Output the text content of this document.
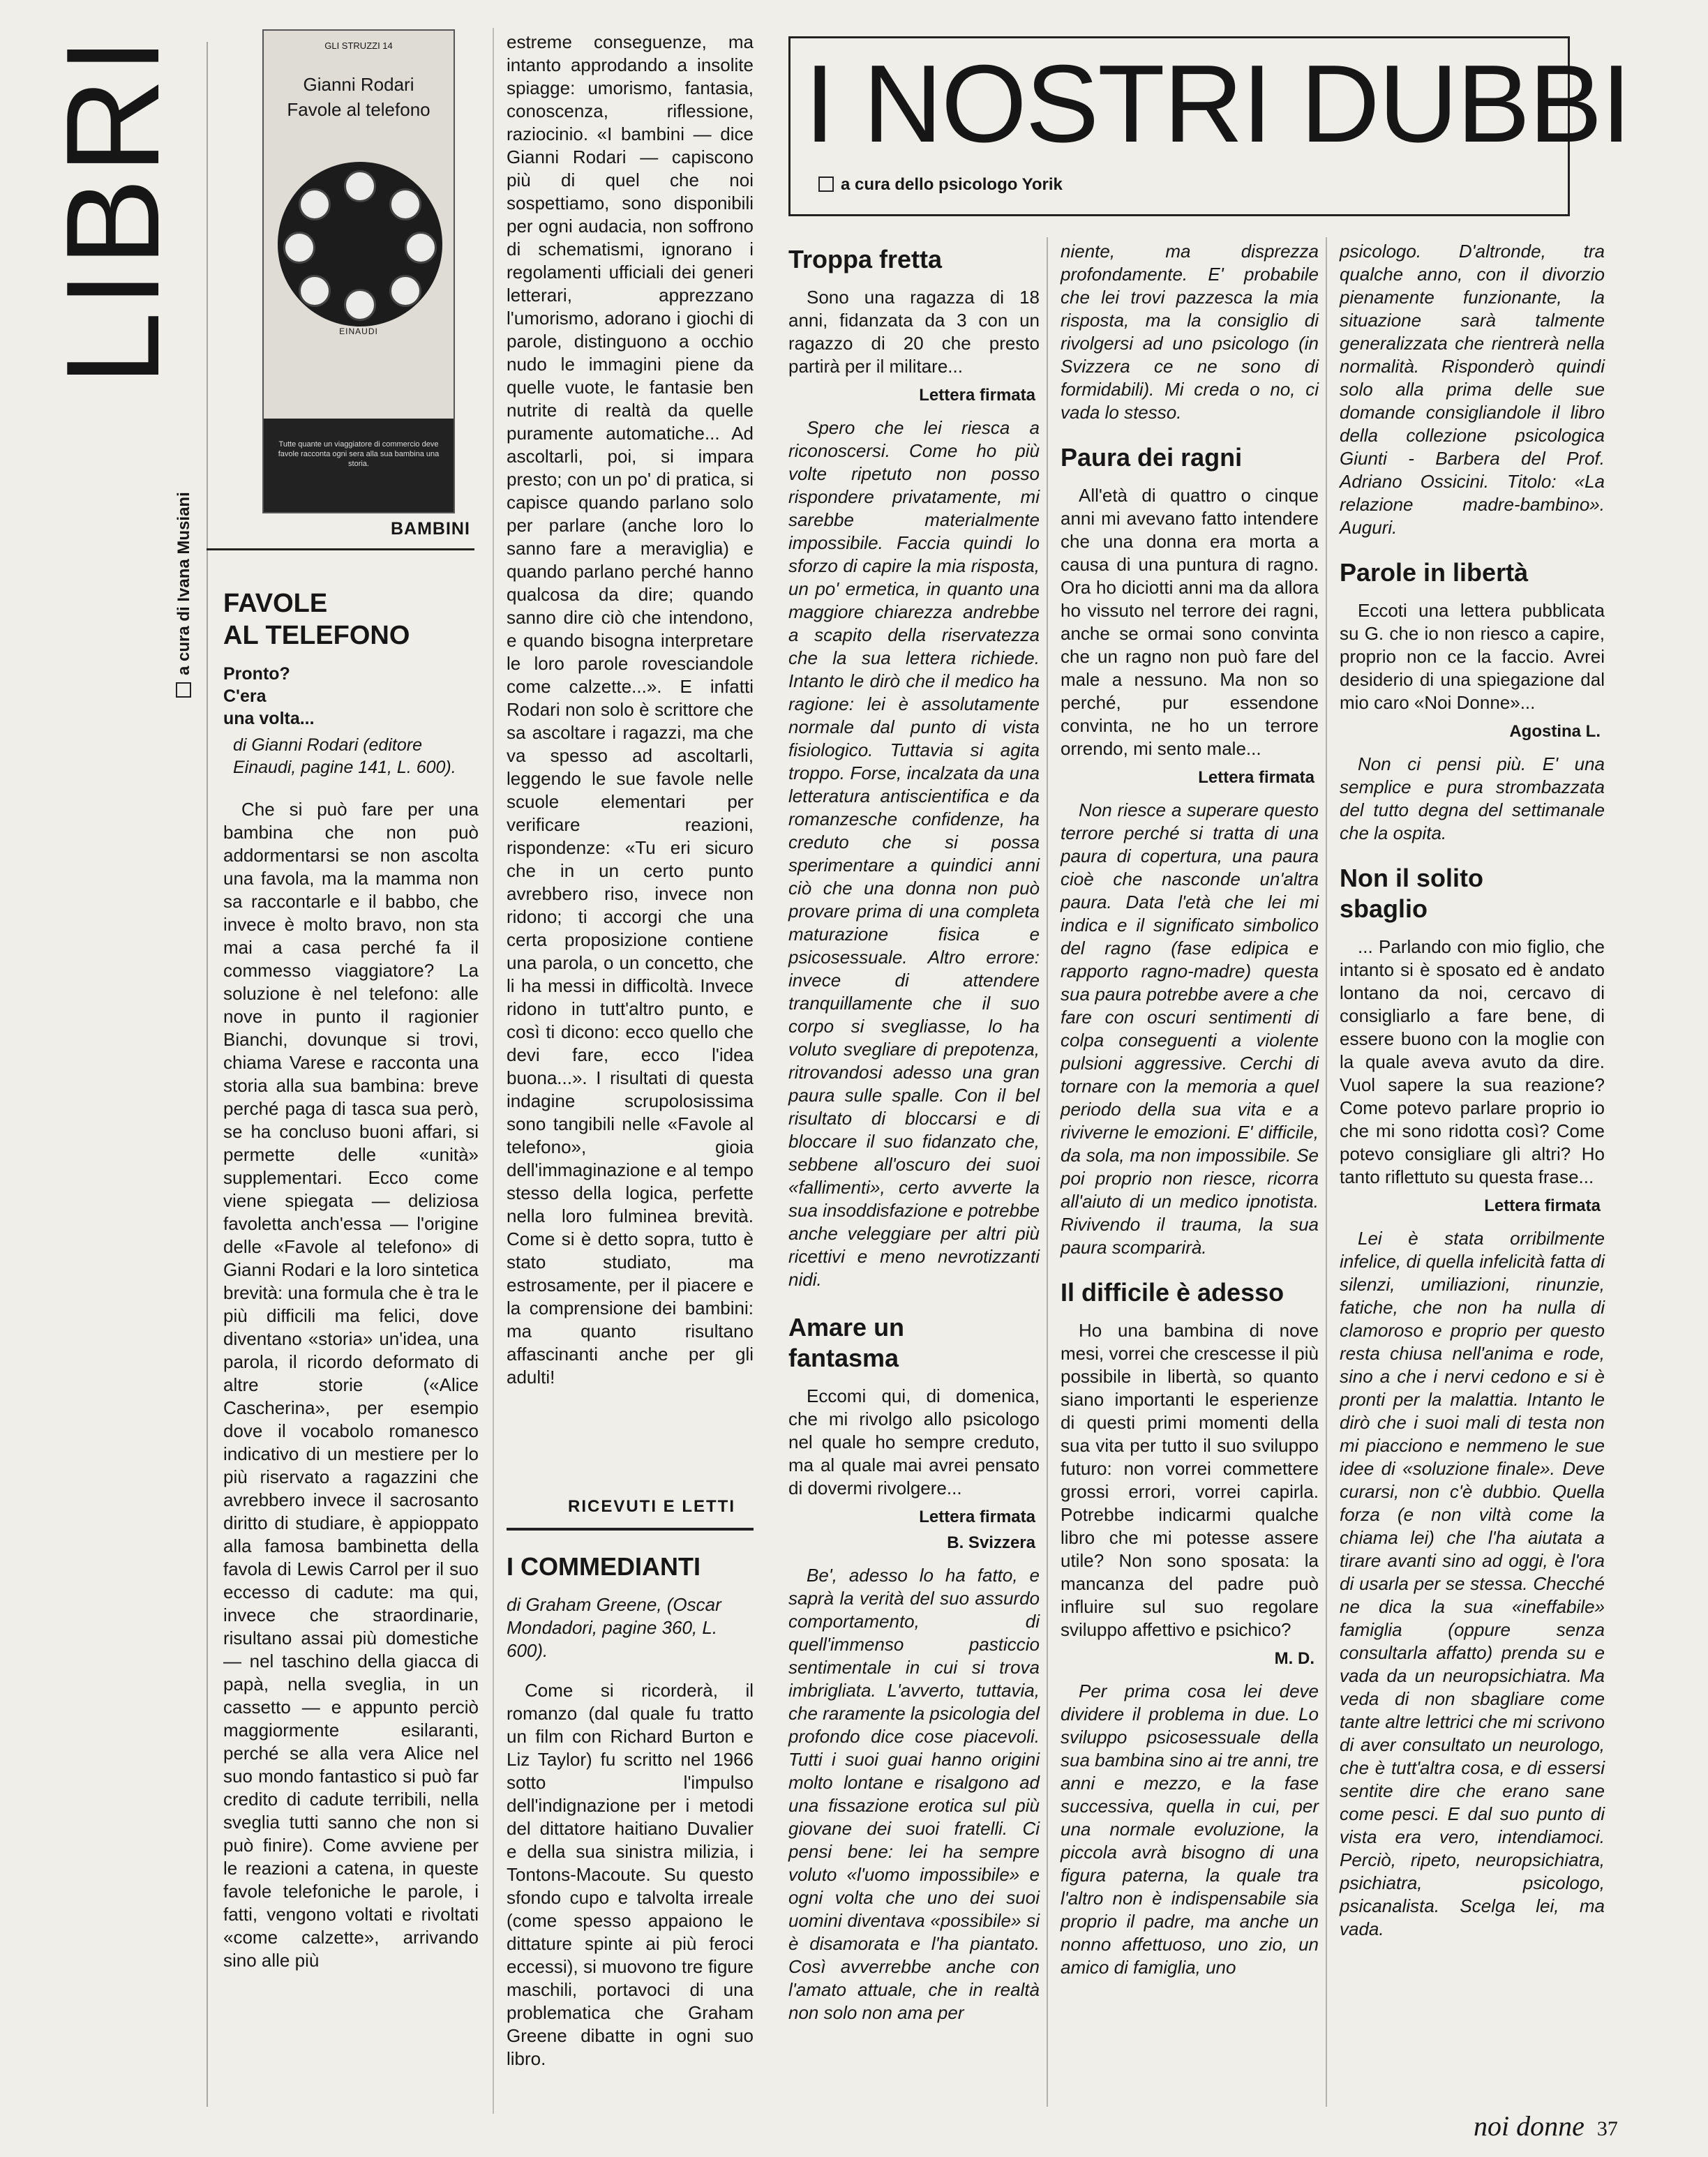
LIBRI
a cura di Ivana Musiani
GLI STRUZZI 14
Gianni Rodari
Favole al telefono
EINAUDI
Tutte quante un viaggiatore di commercio deve favole racconta ogni sera alla sua bambina una storia.
BAMBINI
FAVOLE
AL TELEFONO
Pronto?
C'era
una volta...
di Gianni Rodari (editore Einaudi, pagine 141, L. 600).

Che si può fare per una bambina che non può addormentarsi se non ascolta una favola, ma la mamma non sa raccontarle e il babbo, che invece è molto bravo, non sta mai a casa perché fa il commesso viaggiatore? La soluzione è nel telefono: alle nove in punto il ragionier Bianchi, dovunque si trovi, chiama Varese e racconta una storia alla sua bambina: breve perché paga di tasca sua però, se ha concluso buoni affari, si permette delle «unità» supplementari. Ecco come viene spiegata — deliziosa favoletta anch'essa — l'origine delle «Favole al telefono» di Gianni Rodari e la loro sintetica brevità: una formula che è tra le più difficili ma felici, dove diventano «storia» un'idea, una parola, il ricordo deformato di altre storie («Alice Cascherina», per esempio dove il vocabolo romanesco indicativo di un mestiere per lo più riservato a ragazzini che avrebbero invece il sacrosanto diritto di studiare, è appioppato alla famosa bambinetta della favola di Lewis Carrol per il suo eccesso di cadute: ma qui, invece che straordinarie, risultano assai più domestiche — nel taschino della giacca di papà, nella sveglia, in un cassetto — e appunto perciò maggiormente esilaranti, perché se alla vera Alice nel suo mondo fantastico si può far credito di cadute terribili, nella sveglia tutti sanno che non si può finire). Come avviene per le reazioni a catena, in queste favole telefoniche le parole, i fatti, vengono voltati e rivoltati «come calzette», arrivando sino alle più

estreme conseguenze, ma intanto approdando a insolite spiagge: umorismo, fantasia, conoscenza, riflessione, raziocinio. «I bambini — dice Gianni Rodari — capiscono più di quel che noi sospettiamo, sono disponibili per ogni audacia, non soffrono di schematismi, ignorano i regolamenti ufficiali dei generi letterari, apprezzano l'umorismo, adorano i giochi di parole, distinguono a occhio nudo le immagini piene da quelle vuote, le fantasie ben nutrite di realtà da quelle puramente automatiche... Ad ascoltarli, poi, si impara presto; con un po' di pratica, si capisce quando parlano solo per parlare (anche loro lo sanno fare a meraviglia) e quando parlano perché hanno qualcosa da dire; quando sanno dire ciò che intendono, e quando bisogna interpretare le loro parole rovesciandole come calzette...». E infatti Rodari non solo è scrittore che sa ascoltare i ragazzi, ma che va spesso ad ascoltarli, leggendo le sue favole nelle scuole elementari per verificare reazioni, rispondenze: «Tu eri sicuro che in un certo punto avrebbero riso, invece non ridono; ti accorgi che una certa proposizione contiene una parola, o un concetto, che li ha messi in difficoltà. Invece ridono in tutt'altro punto, e così ti dicono: ecco quello che devi fare, ecco l'idea buona...». I risultati di questa indagine scrupolosissima sono tangibili nelle «Favole al telefono», gioia dell'immaginazione e al tempo stesso della logica, perfette nella loro fulminea brevità. Come si è detto sopra, tutto è stato studiato, ma estrosamente, per il piacere e la comprensione dei bambini: ma quanto risultano affascinanti anche per gli adulti!

RICEVUTI E LETTI
I COMMEDIANTI
di Graham Greene, (Oscar Mondadori, pagine 360, L. 600).

Come si ricorderà, il romanzo (dal quale fu tratto un film con Richard Burton e Liz Taylor) fu scritto nel 1966 sotto l'impulso dell'indignazione per i metodi del dittatore haitiano Duvalier e della sua sinistra milizia, i Tontons-Macoute. Su questo sfondo cupo e talvolta irreale (come spesso appaiono le dittature spinte ai più feroci eccessi), si muovono tre figure maschili, portavoci di una problematica che Graham Greene dibatte in ogni suo libro.

I NOSTRI DUBBI
a cura dello psicologo Yorik
Troppa fretta

Sono una ragazza di 18 anni, fidanzata da 3 con un ragazzo di 20 che presto partirà per il militare...

Lettera firmata

Spero che lei riesca a riconoscersi. Come ho più volte ripetuto non posso rispondere privatamente, mi sarebbe materialmente impossibile. Faccia quindi lo sforzo di capire la mia risposta, un po' ermetica, in quanto una maggiore chiarezza andrebbe a scapito della riservatezza che la sua lettera richiede. Intanto le dirò che il medico ha ragione: lei è assolutamente normale dal punto di vista fisiologico. Tuttavia si agita troppo. Forse, incalzata da una letteratura antiscientifica e da romanzesche confidenze, ha creduto che si possa sperimentare a quindici anni ciò che una donna non può provare prima di una completa maturazione fisica e psicosessuale. Altro errore: invece di attendere tranquillamente che il suo corpo si svegliasse, lo ha voluto svegliare di prepotenza, ritrovandosi adesso una gran paura sulle spalle. Con il bel risultato di bloccarsi e di bloccare il suo fidanzato che, sebbene all'oscuro dei suoi «fallimenti», certo avverte la sua insoddisfazione e potrebbe anche veleggiare per altri più ricettivi e meno nevrotizzanti nidi.

Amare un
fantasma

Eccomi qui, di domenica, che mi rivolgo allo psicologo nel quale ho sempre creduto, ma al quale mai avrei pensato di dovermi rivolgere...

Lettera firmata
B. Svizzera

Be', adesso lo ha fatto, e saprà la verità del suo assurdo comportamento, di quell'immenso pasticcio sentimentale in cui si trova imbrigliata. L'avverto, tuttavia, che raramente la psicologia del profondo dice cose piacevoli. Tutti i suoi guai hanno origini molto lontane e risalgono ad una fissazione erotica sul più giovane dei suoi fratelli. Ci pensi bene: lei ha sempre voluto «l'uomo impossibile» e ogni volta che uno dei suoi uomini diventava «possibile» si è disamorata e l'ha piantato. Così avverrebbe anche con l'amato attuale, che in realtà non solo non ama per

niente, ma disprezza profondamente. E' probabile che lei trovi pazzesca la mia risposta, ma la consiglio di rivolgersi ad uno psicologo (in Svizzera ce ne sono di formidabili). Mi creda o no, ci vada lo stesso.

Paura dei ragni

All'età di quattro o cinque anni mi avevano fatto intendere che una donna era morta a causa di una puntura di ragno. Ora ho diciotti anni ma da allora ho vissuto nel terrore dei ragni, anche se ormai sono convinta che un ragno non può fare del male a nessuno. Ma non so perché, pur essendone convinta, ne ho un terrore orrendo, mi sento male...

Lettera firmata

Non riesce a superare questo terrore perché si tratta di una paura di copertura, una paura cioè che nasconde un'altra paura. Data l'età che lei mi indica e il significato simbolico del ragno (fase edipica e rapporto ragno-madre) questa sua paura potrebbe avere a che fare con oscuri sentimenti di colpa conseguenti a violente pulsioni aggressive. Cerchi di tornare con la memoria a quel periodo della sua vita e a riviverne le emozioni. E' difficile, da sola, ma non impossibile. Se poi proprio non riesce, ricorra all'aiuto di un medico ipnotista. Rivivendo il trauma, la sua paura scomparirà.

Il difficile è adesso

Ho una bambina di nove mesi, vorrei che crescesse il più possibile in libertà, so quanto siano importanti le esperienze di questi primi momenti della sua vita per tutto il suo sviluppo futuro: non vorrei commettere grossi errori, vorrei capirla. Potrebbe indicarmi qualche libro che mi potesse assere utile? Non sono sposata: la mancanza del padre può influire sul suo regolare sviluppo affettivo e psichico?

M. D.

Per prima cosa lei deve dividere il problema in due. Lo sviluppo psicosessuale della sua bambina sino ai tre anni, tre anni e mezzo, e la fase successiva, quella in cui, per una normale evoluzione, la piccola avrà bisogno di una figura paterna, la quale tra l'altro non è indispensabile sia proprio il padre, ma anche un nonno affettuoso, uno zio, un amico di famiglia, uno

psicologo. D'altronde, tra qualche anno, con il divorzio pienamente funzionante, la situazione sarà talmente generalizzata che rientrerà nella normalità. Risponderò quindi solo alla prima delle sue domande consigliandole il libro della collezione psicologica Giunti - Barbera del Prof. Adriano Ossicini. Titolo: «La relazione madre-bambino». Auguri.

Parole in libertà

Eccoti una lettera pubblicata su G. che io non riesco a capire, proprio non ce la faccio. Avrei desiderio di una spiegazione dal mio caro «Noi Donne»...

Agostina L.

Non ci pensi più. E' una semplice e pura strombazzata del tutto degna del settimanale che la ospita.

Non il solito
sbaglio

... Parlando con mio figlio, che intanto si è sposato ed è andato lontano da noi, cercavo di consigliarlo a fare bene, di essere buono con la moglie con la quale aveva avuto da dire. Vuol sapere la sua reazione? Come potevo parlare proprio io che mi sono ridotta così? Come potevo consigliare gli altri? Ho tanto riflettuto su questa frase...

Lettera firmata

Lei è stata orribilmente infelice, di quella infelicità fatta di silenzi, umiliazioni, rinunzie, fatiche, che non ha nulla di clamoroso e proprio per questo resta chiusa nell'anima e rode, sino a che i nervi cedono e si è pronti per la malattia. Intanto le dirò che i suoi mali di testa non mi piacciono e nemmeno le sue idee di «soluzione finale». Deve curarsi, non c'è dubbio. Quella forza (e non viltà come la chiama lei) che l'ha aiutata a tirare avanti sino ad oggi, è l'ora di usarla per se stessa. Checché ne dica la sua «ineffabile» famiglia (oppure senza consultarla affatto) prenda su e vada da un neuropsichiatra. Ma veda di non sbagliare come tante altre lettrici che mi scrivono di aver consultato un neurologo, che è tutt'altra cosa, e di essersi sentite dire che erano sane come pesci. E dal suo punto di vista era vero, intendiamoci. Perciò, ripeto, neuropsichiatra, psichiatra, psicologo, psicanalista. Scelga lei, ma vada.

noi donne 37
